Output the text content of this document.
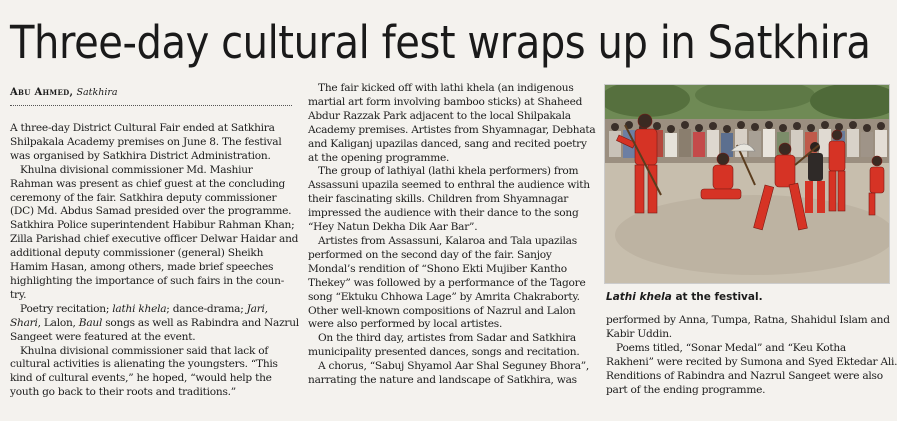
Three-day cultural fest wraps up in Satkhira
Abu Ahmed, Satkhira

A three-day District Cultural Fair ended at Satkhira

Shilpakala Academy premises on June 8. The festival

was organised by Satkhira District Administration.

Khulna divisional commissioner Md. Mashiur

Rahman was present as chief guest at the concluding

ceremony of the fair. Satkhira deputy commissioner

(DC) Md. Abdus Samad presided over the programme.

Satkhira Police superintendent Habibur Rahman Khan;

Zilla Parishad chief executive officer Delwar Haidar and

additional deputy commissioner (general) Sheikh

Hamim Hasan, among others, made brief speeches

highlighting the importance of such fairs in the coun-

try.

Poetry recitation; lathi khela; dance-drama; Jari,

Shari, Lalon, Baul songs as well as Rabindra and Nazrul

Sangeet were featured at the event.

Khulna divisional commissioner said that lack of

cultural activities is alienating the youngsters. “This

kind of cultural events,” he hoped, “would help the

youth go back to their roots and traditions.”

The fair kicked off with lathi khela (an indigenous

martial art form involving bamboo sticks) at Shaheed

Abdur Razzak Park adjacent to the local Shilpakala

Academy premises. Artistes from Shyamnagar, Debhata

and Kaliganj upazilas danced, sang and recited poetry

at the opening programme.

The group of lathiyal (lathi khela performers) from

Assassuni upazila seemed to enthral the audience with

their fascinating skills. Children from Shyamnagar

impressed the audience with their dance to the song

“Hey Natun Dekha Dik Aar Bar”.

Artistes from Assassuni, Kalaroa and Tala upazilas

performed on the second day of the fair. Sanjoy

Mondal’s rendition of “Shono Ekti Mujiber Kantho

Thekey” was followed by a performance of the Tagore

song “Ektuku Chhowa Lage” by Amrita Chakraborty.

Other well-known compositions of Nazrul and Lalon

were also performed by local artistes.

On the third day, artistes from Sadar and Satkhira

municipality presented dances, songs and recitation.

A chorus, “Sabuj Shyamol Aar Shal Seguney Bhora”,

narrating the nature and landscape of Satkhira, was

Lathi khela at the festival.

performed by Anna, Tumpa, Ratna, Shahidul Islam and

Kabir Uddin.

Poems titled, “Sonar Medal” and “Keu Kotha

Rakheni” were recited by Sumona and Syed Ektedar Ali.

Renditions of Rabindra and Nazrul Sangeet were also

part of the ending programme.
